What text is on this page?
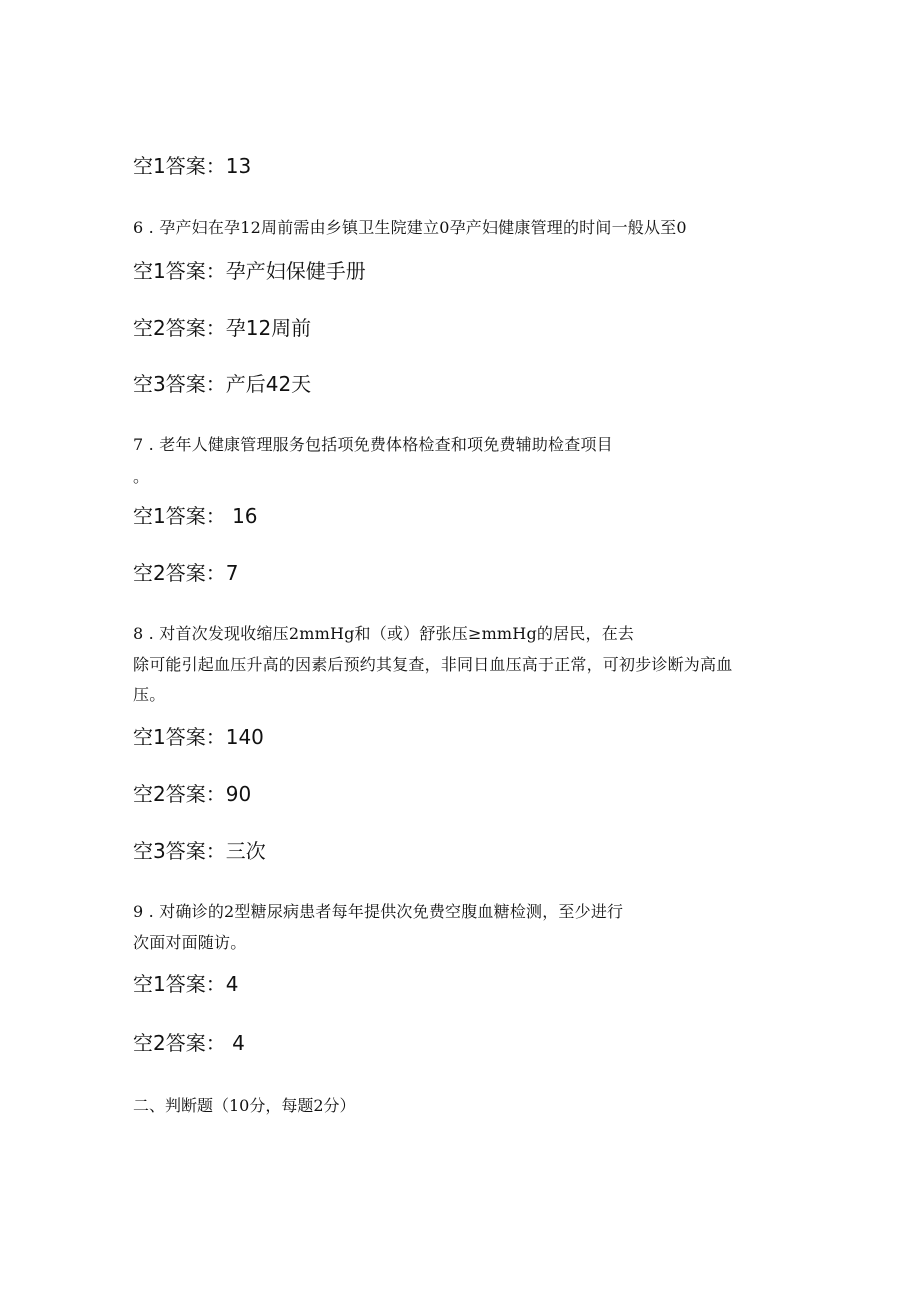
空1答案：13

6 . 孕产妇在孕12周前需由乡镇卫生院建立0孕产妇健康管理的时间一般从至0

空1答案：孕产妇保健手册

空2答案：孕12周前

空3答案：产后42天

7 . 老年人健康管理服务包括项免费体格检查和项免费辅助检查项目

。

空1答案： 16

空2答案：7

8 . 对首次发现收缩压2mmHg和（或）舒张压≥mmHg的居民，在去

除可能引起血压升高的因素后预约其复查，非同日血压高于正常，可初步诊断为高血

压。

空1答案：140

空2答案：90

空3答案：三次

9 . 对确诊的2型糖尿病患者每年提供次免费空腹血糖检测，至少进行

次面对面随访。

空1答案：4

空2答案： 4

二、判断题（10分，每题2分）
